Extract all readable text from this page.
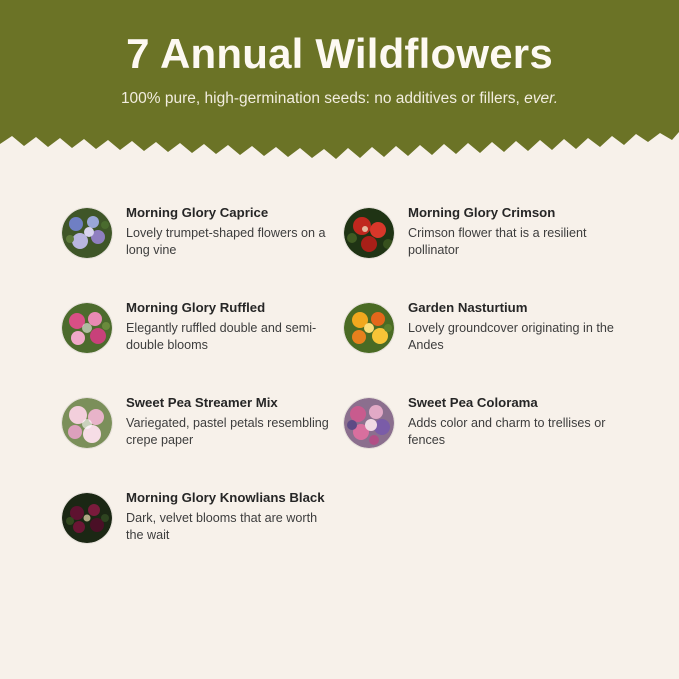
7 Annual Wildflowers
100% pure, high-germination seeds: no additives or fillers, ever.

Morning Glory Caprice

Lovely trumpet-shaped flowers on a long vine

Morning Glory Ruffled

Elegantly ruffled double and semi-double blooms

Sweet Pea Streamer Mix

Variegated, pastel petals resembling crepe paper

Morning Glory Knowlians Black

Dark, velvet blooms that are worth the wait

Morning Glory Crimson

Crimson flower that is a resilient pollinator

Garden Nasturtium

Lovely groundcover originating in the Andes

Sweet Pea Colorama

Adds color and charm to trellises or fences
